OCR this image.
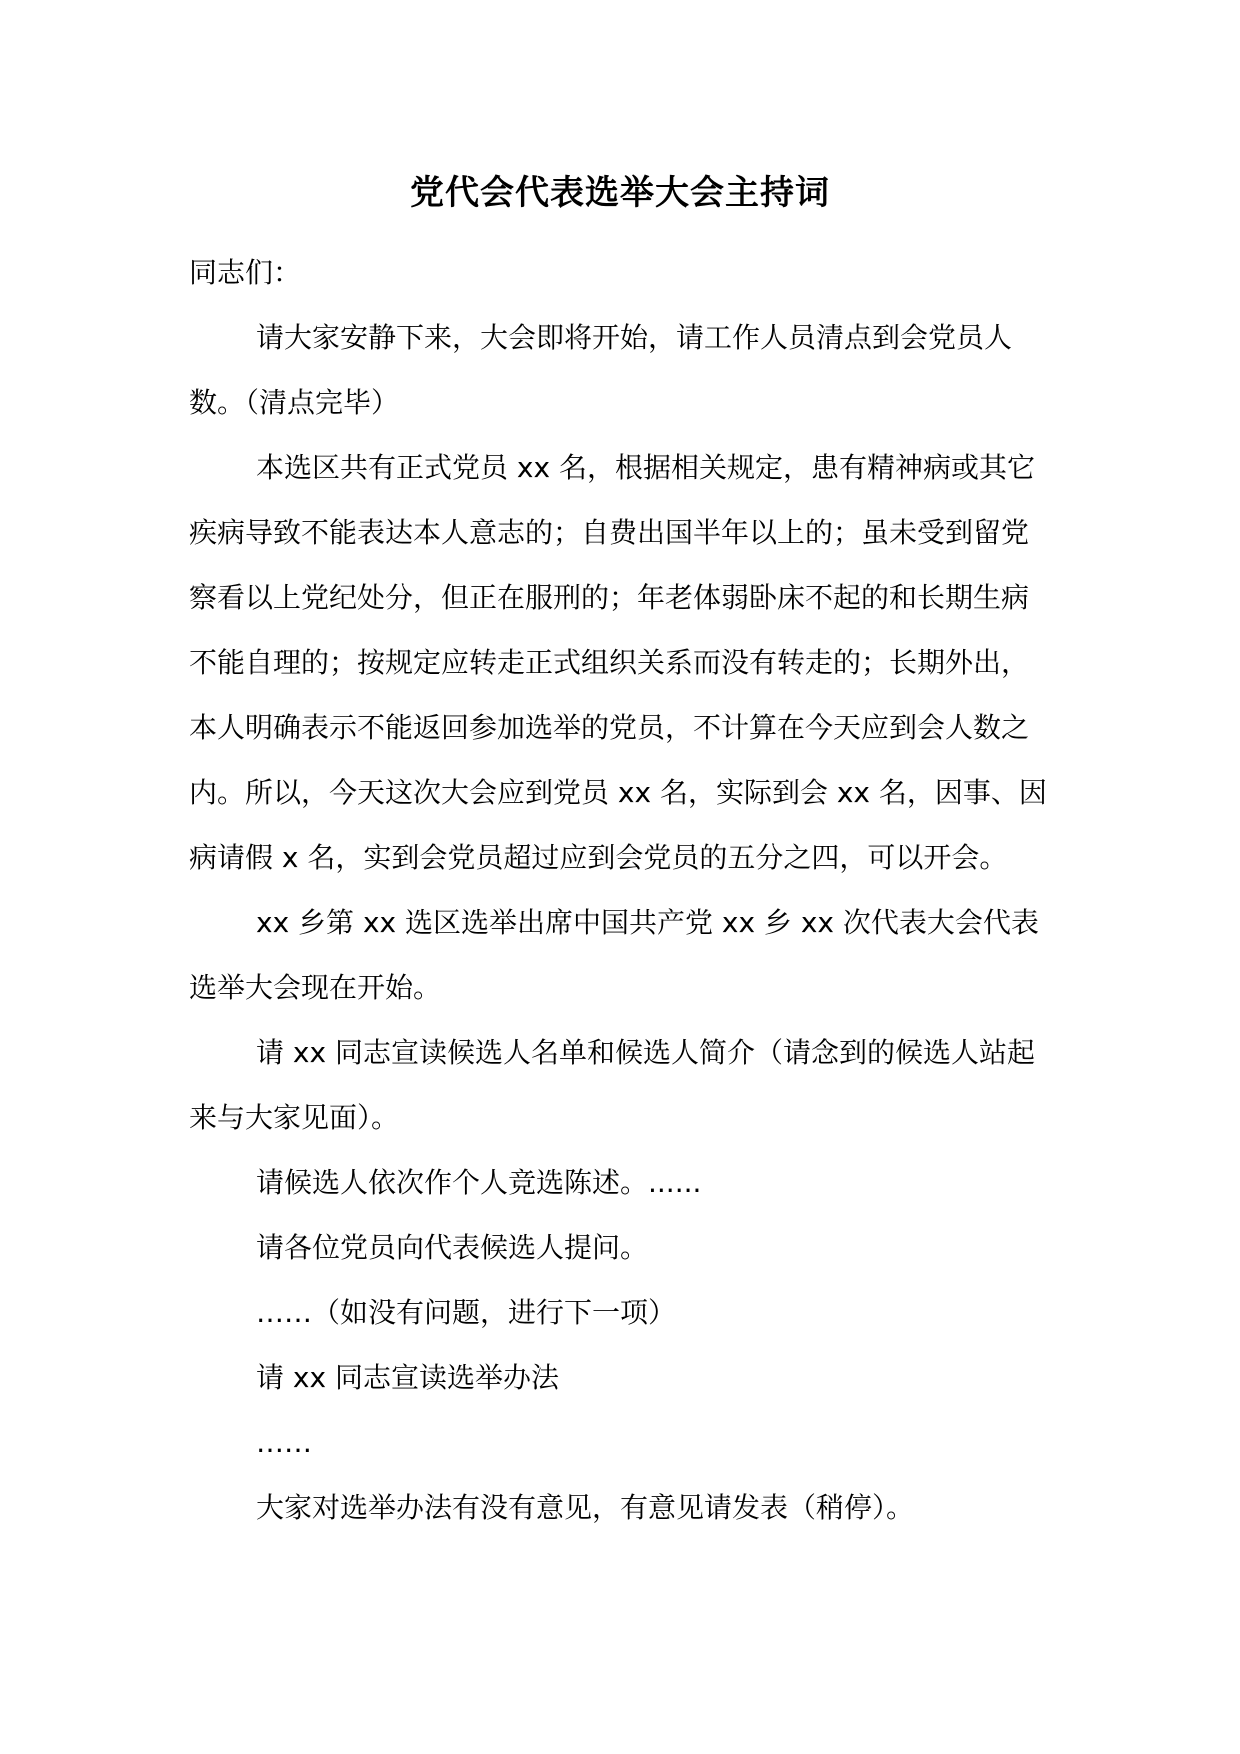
党代会代表选举大会主持词

同志们：

请大家安静下来，大会即将开始，请工作人员清点到会党员人数。（清点完毕）

本选区共有正式党员 xx 名，根据相关规定，患有精神病或其它疾病导致不能表达本人意志的；自费出国半年以上的；虽未受到留党察看以上党纪处分，但正在服刑的；年老体弱卧床不起的和长期生病不能自理的；按规定应转走正式组织关系而没有转走的；长期外出，本人明确表示不能返回参加选举的党员，不计算在今天应到会人数之内。所以，今天这次大会应到党员 xx 名，实际到会 xx 名，因事、因病请假 x 名，实到会党员超过应到会党员的五分之四，可以开会。

xx 乡第 xx 选区选举出席中国共产党 xx 乡 xx 次代表大会代表选举大会现在开始。

请 xx 同志宣读候选人名单和候选人简介（请念到的候选人站起来与大家见面）。

请候选人依次作个人竞选陈述。......

请各位党员向代表候选人提问。

……（如没有问题，进行下一项）

请 xx 同志宣读选举办法

……

大家对选举办法有没有意见，有意见请发表（稍停）。
